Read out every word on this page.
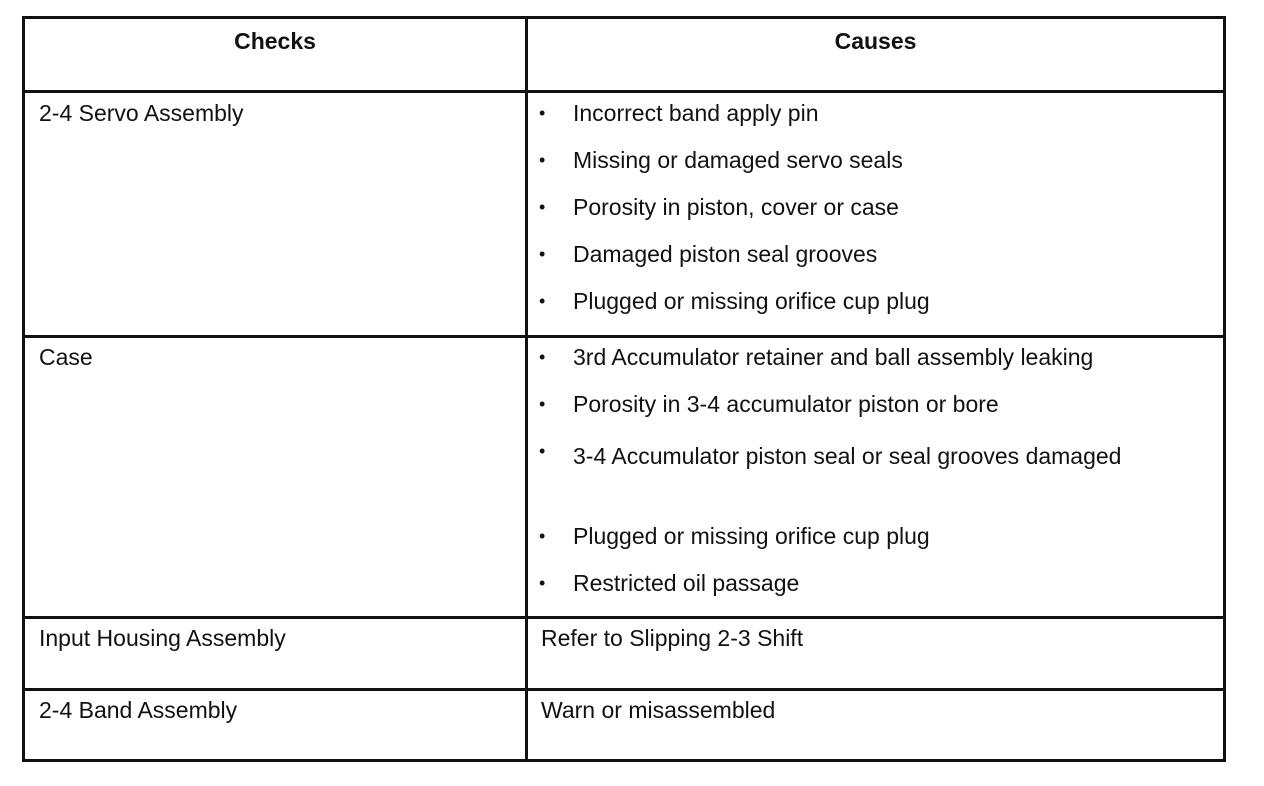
Checks	Causes
2-4 Servo Assembly	• Incorrect band apply pin
• Missing or damaged servo seals
• Porosity in piston, cover or case
• Damaged piston seal grooves
• Plugged or missing orifice cup plug
Case	• 3rd Accumulator retainer and ball assembly leaking
• Porosity in 3-4 accumulator piston or bore
• 3-4 Accumulator piston seal or seal grooves damaged
• Plugged or missing orifice cup plug
• Restricted oil passage
Input Housing Assembly	Refer to Slipping 2-3 Shift
2-4 Band Assembly	Warn or misassembled
